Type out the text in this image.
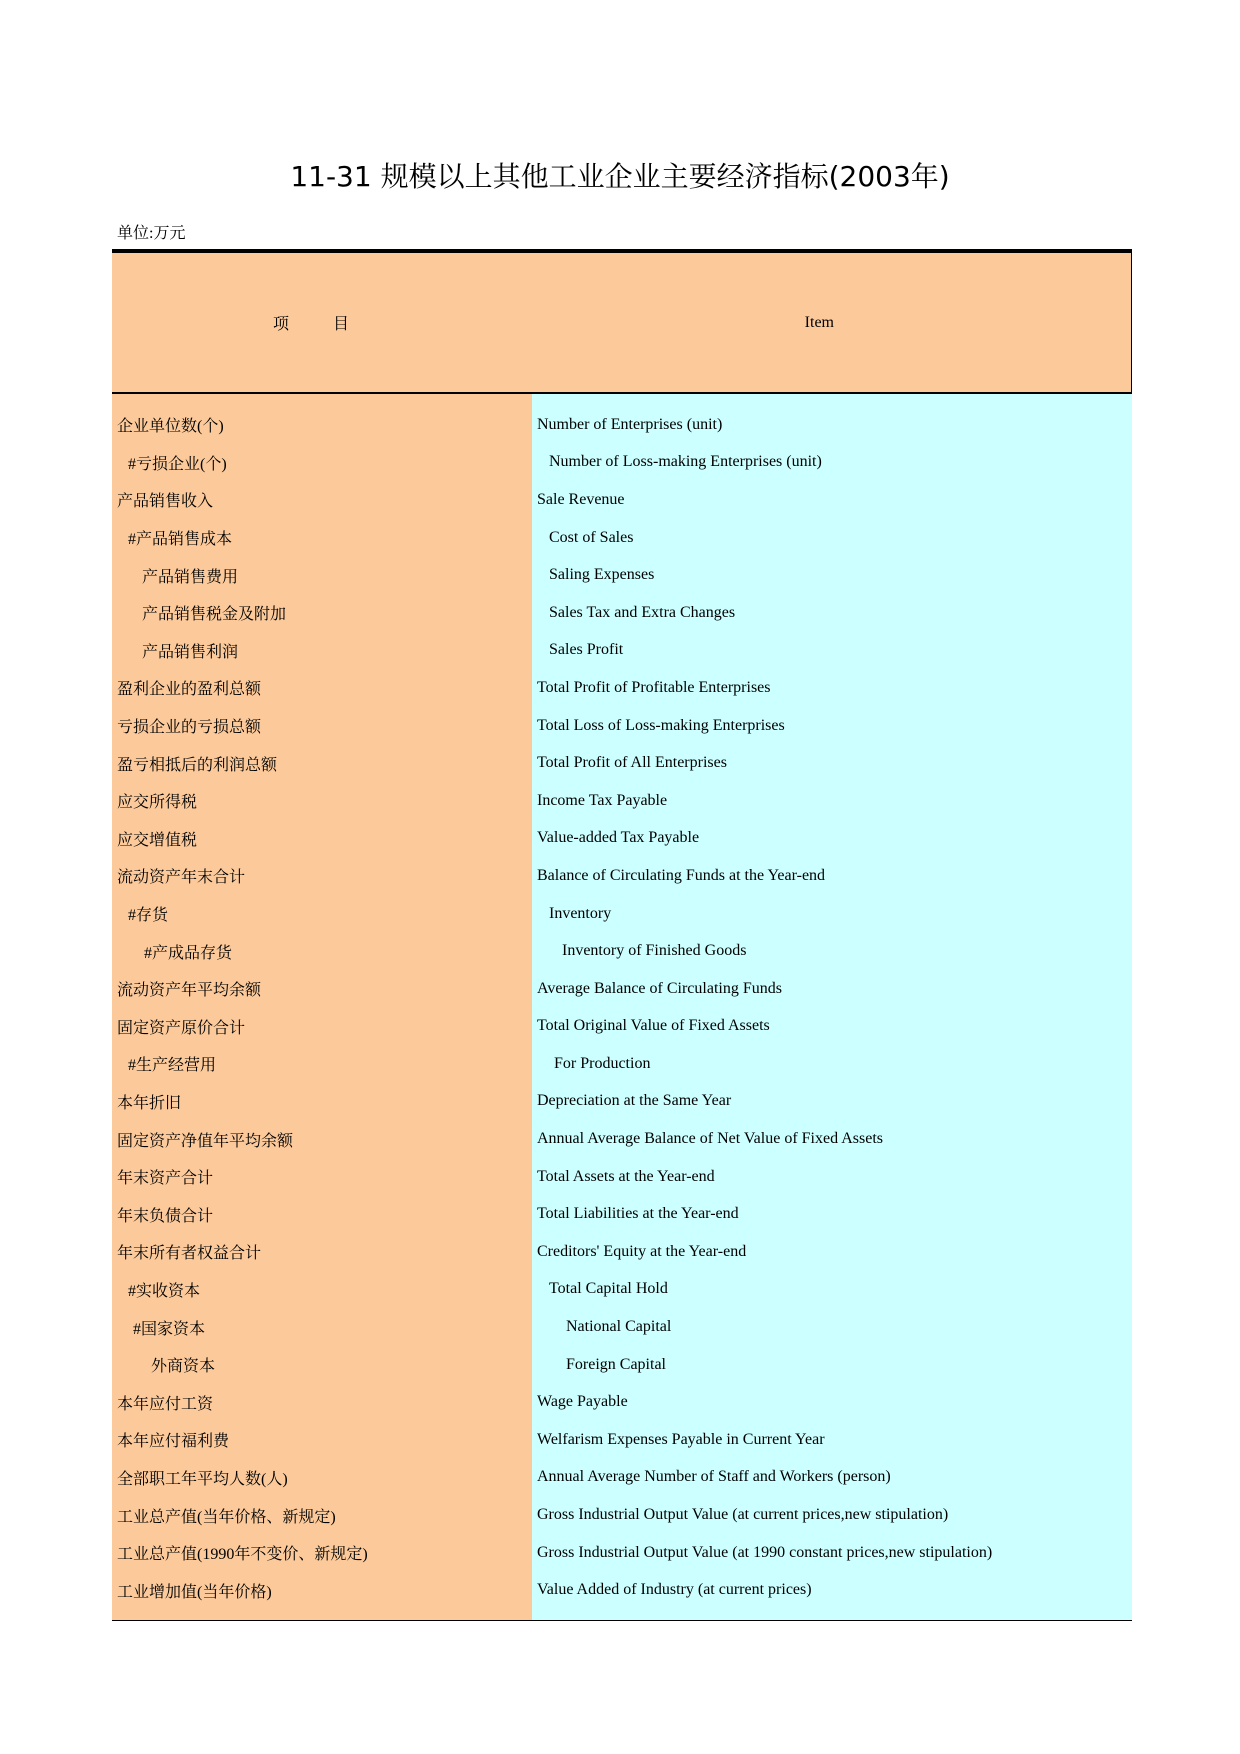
11-31 规模以上其他工业企业主要经济指标(2003年)
单位:万元
项           目	Item
企业单位数(个)	Number of Enterprises (unit)
#亏损企业(个)	Number of Loss-making Enterprises (unit)
产品销售收入	Sale Revenue
#产品销售成本	Cost of Sales
产品销售费用	Saling Expenses
产品销售税金及附加	Sales Tax and Extra Changes
产品销售利润	Sales Profit
盈利企业的盈利总额	Total Profit of Profitable Enterprises
亏损企业的亏损总额	Total Loss of Loss-making Enterprises
盈亏相抵后的利润总额	Total Profit of All Enterprises
应交所得税	Income Tax Payable
应交增值税	Value-added Tax Payable
流动资产年末合计	Balance of Circulating Funds at the Year-end
#存货	Inventory
#产成品存货	Inventory of Finished Goods
流动资产年平均余额	Average Balance of Circulating Funds
固定资产原价合计	Total Original Value of Fixed Assets
#生产经营用	For Production
本年折旧	Depreciation at the Same Year
固定资产净值年平均余额	Annual Average Balance of Net Value of Fixed Assets
年末资产合计	Total Assets at the Year-end
年末负债合计	Total Liabilities at the Year-end
年末所有者权益合计	Creditors' Equity at the Year-end
#实收资本	Total Capital Hold
#国家资本	National Capital
外商资本	Foreign Capital
本年应付工资	Wage Payable
本年应付福利费	Welfarism Expenses Payable in Current Year
全部职工年平均人数(人)	Annual Average Number of Staff and Workers (person)
工业总产值(当年价格、新规定)	Gross Industrial Output Value (at current prices,new stipulation)
工业总产值(1990年不变价、新规定)	Gross Industrial Output Value (at 1990 constant prices,new stipulation)
工业增加值(当年价格)	Value Added of Industry (at current prices)
